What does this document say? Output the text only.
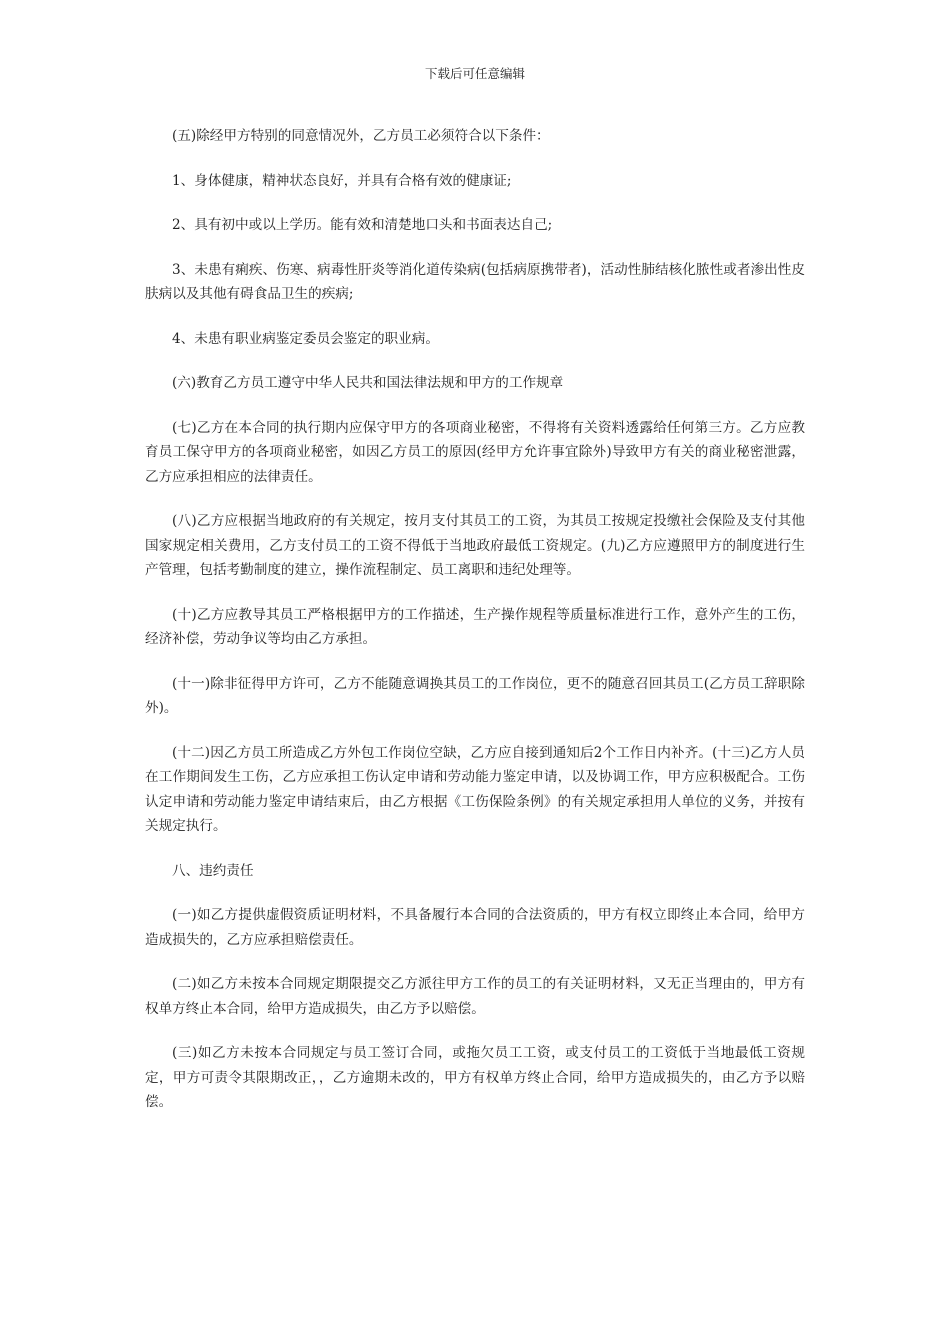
下载后可任意编辑

(五)除经甲方特别的同意情况外，乙方员工必须符合以下条件：

1、身体健康，精神状态良好，并具有合格有效的健康证;

2、具有初中或以上学历。能有效和清楚地口头和书面表达自己;

3、未患有痢疾、伤寒、病毒性肝炎等消化道传染病(包括病原携带者)，活动性肺结核化脓性或者渗出性皮肤病以及其他有碍食品卫生的疾病;

4、未患有职业病鉴定委员会鉴定的职业病。

(六)教育乙方员工遵守中华人民共和国法律法规和甲方的工作规章

(七)乙方在本合同的执行期内应保守甲方的各项商业秘密，不得将有关资料透露给任何第三方。乙方应教育员工保守甲方的各项商业秘密，如因乙方员工的原因(经甲方允许事宜除外)导致甲方有关的商业秘密泄露，乙方应承担相应的法律责任。

(八)乙方应根据当地政府的有关规定，按月支付其员工的工资，为其员工按规定投缴社会保险及支付其他国家规定相关费用，乙方支付员工的工资不得低于当地政府最低工资规定。(九)乙方应遵照甲方的制度进行生产管理，包括考勤制度的建立，操作流程制定、员工离职和违纪处理等。

(十)乙方应教导其员工严格根据甲方的工作描述，生产操作规程等质量标准进行工作，意外产生的工伤，经济补偿，劳动争议等均由乙方承担。

(十一)除非征得甲方许可，乙方不能随意调换其员工的工作岗位，更不的随意召回其员工(乙方员工辞职除外)。

(十二)因乙方员工所造成乙方外包工作岗位空缺，乙方应自接到通知后2个工作日内补齐。(十三)乙方人员在工作期间发生工伤，乙方应承担工伤认定申请和劳动能力鉴定申请，以及协调工作，甲方应积极配合。工伤认定申请和劳动能力鉴定申请结束后，由乙方根据《工伤保险条例》的有关规定承担用人单位的义务，并按有关规定执行。

八、违约责任

(一)如乙方提供虚假资质证明材料，不具备履行本合同的合法资质的，甲方有权立即终止本合同，给甲方造成损失的，乙方应承担赔偿责任。

(二)如乙方未按本合同规定期限提交乙方派往甲方工作的员工的有关证明材料，又无正当理由的，甲方有权单方终止本合同，给甲方造成损失，由乙方予以赔偿。

(三)如乙方未按本合同规定与员工签订合同，或拖欠员工工资，或支付员工的工资低于当地最低工资规定，甲方可责令其限期改正，，乙方逾期未改的，甲方有权单方终止合同，给甲方造成损失的，由乙方予以赔偿。
